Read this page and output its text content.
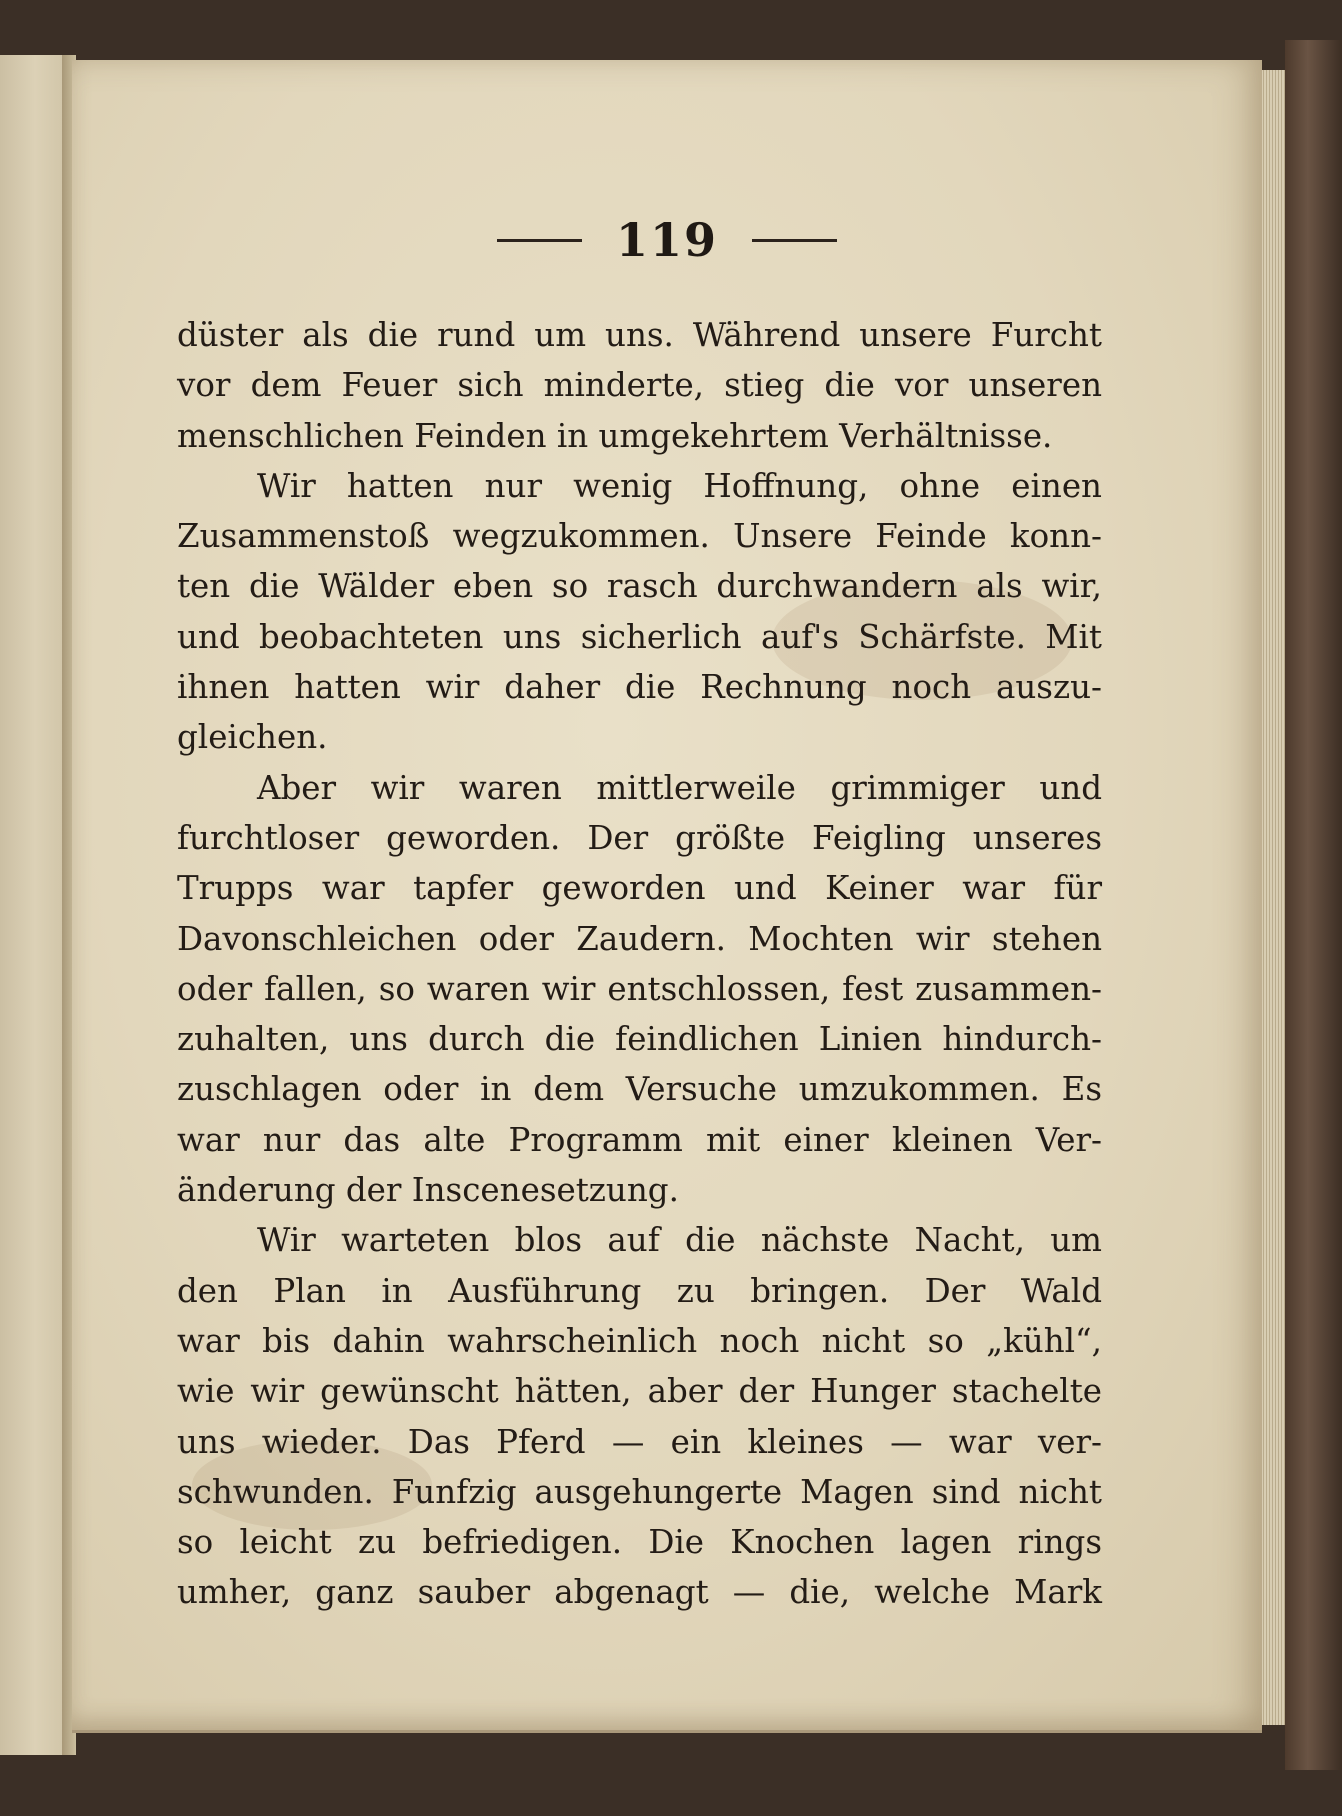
119
düster als die rund um uns. Während unsere Furcht
vor dem Feuer sich minderte, stieg die vor unseren
menschlichen Feinden in umgekehrtem Verhältnisse.
Wir hatten nur wenig Hoffnung, ohne einen
Zusammenstoß wegzukommen. Unsere Feinde konn-
ten die Wälder eben so rasch durchwandern als wir,
und beobachteten uns sicherlich auf's Schärfste. Mit
ihnen hatten wir daher die Rechnung noch auszu-
gleichen.
Aber wir waren mittlerweile grimmiger und
furchtloser geworden. Der größte Feigling unseres
Trupps war tapfer geworden und Keiner war für
Davonschleichen oder Zaudern. Mochten wir stehen
oder fallen, so waren wir entschlossen, fest zusammen-
zuhalten, uns durch die feindlichen Linien hindurch-
zuschlagen oder in dem Versuche umzukommen. Es
war nur das alte Programm mit einer kleinen Ver-
änderung der Inscenesetzung.
Wir warteten blos auf die nächste Nacht, um
den Plan in Ausführung zu bringen. Der Wald
war bis dahin wahrscheinlich noch nicht so „kühl“,
wie wir gewünscht hätten, aber der Hunger stachelte
uns wieder. Das Pferd — ein kleines — war ver-
schwunden. Funfzig ausgehungerte Magen sind nicht
so leicht zu befriedigen. Die Knochen lagen rings
umher, ganz sauber abgenagt — die, welche Mark
